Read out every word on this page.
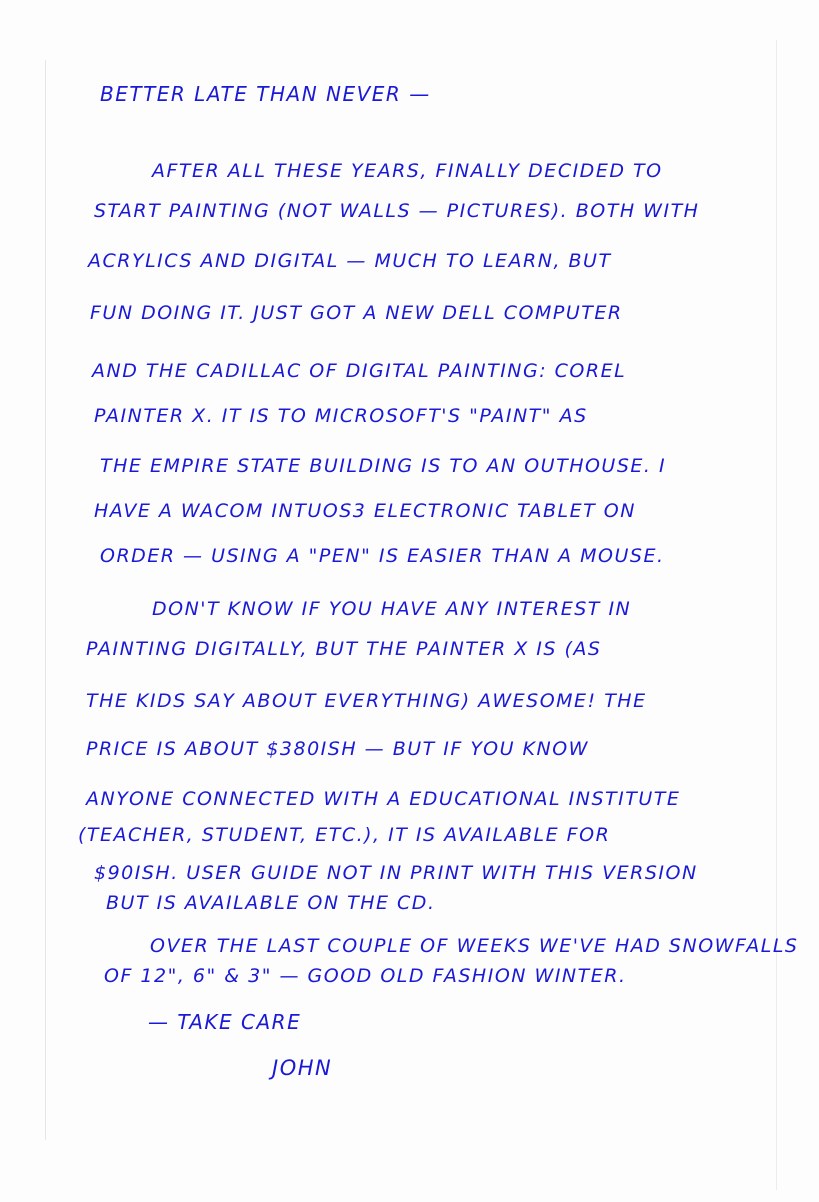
BETTER LATE THAN NEVER —

AFTER ALL THESE YEARS, FINALLY DECIDED TO

START PAINTING (NOT WALLS — PICTURES). BOTH WITH

ACRYLICS AND DIGITAL — MUCH TO LEARN, BUT

FUN DOING IT. JUST GOT A NEW DELL COMPUTER

AND THE CADILLAC OF DIGITAL PAINTING: COREL

PAINTER X. IT IS TO MICROSOFT'S "PAINT" AS

THE EMPIRE STATE BUILDING IS TO AN OUTHOUSE. I

HAVE A WACOM INTUOS3 ELECTRONIC TABLET ON

ORDER — USING A "PEN" IS EASIER THAN A MOUSE.

DON'T KNOW IF YOU HAVE ANY INTEREST IN

PAINTING DIGITALLY, BUT THE PAINTER X IS (AS

THE KIDS SAY ABOUT EVERYTHING) AWESOME! THE

PRICE IS ABOUT $380ISH — BUT IF YOU KNOW

ANYONE CONNECTED WITH A EDUCATIONAL INSTITUTE

(TEACHER, STUDENT, ETC.), IT IS AVAILABLE FOR

$90ISH. USER GUIDE NOT IN PRINT WITH THIS VERSION

BUT IS AVAILABLE ON THE CD.

OVER THE LAST COUPLE OF WEEKS WE'VE HAD SNOWFALLS

OF 12", 6" & 3" — GOOD OLD FASHION WINTER.

— TAKE CARE

JOHN
